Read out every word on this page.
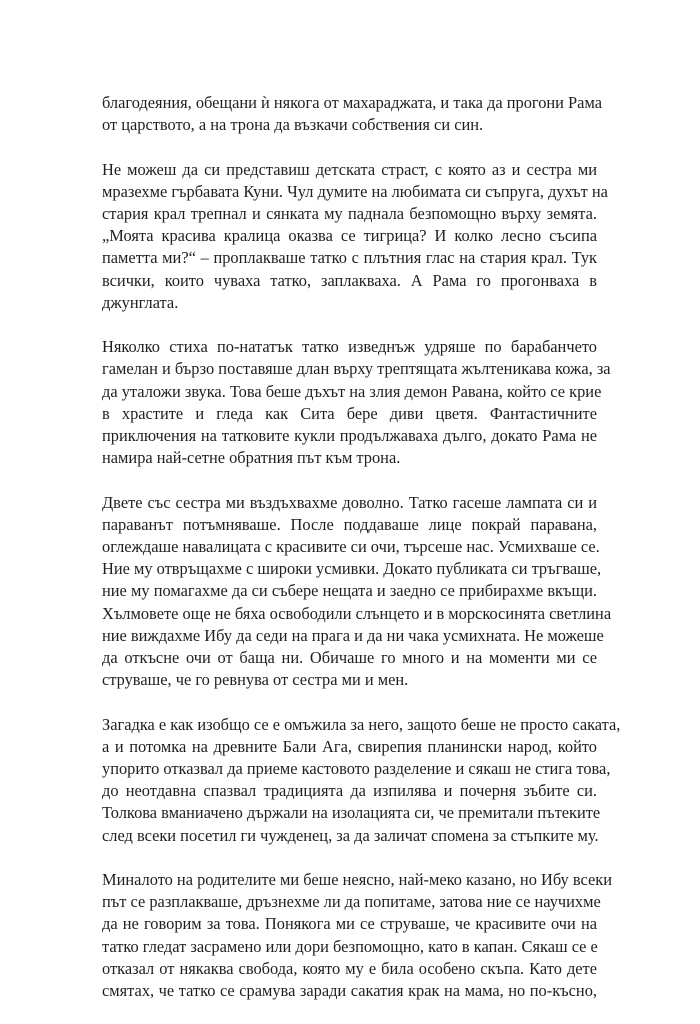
благодеяния, обещани ѝ някога от махараджата, и така да прогони Рама
от царството, а на трона да възкачи собствения си син.

Не можеш да си представиш детската страст, с която аз и сестра ми
мразехме гърбавата Куни. Чул думите на любимата си съпруга, духът на
стария крал трепнал и сянката му паднала безпомощно върху земята.
„Моята красива кралица оказва се тигрица? И колко лесно съсипа
паметта ми?“ – проплакваше татко с плътния глас на стария крал. Тук
всички, които чуваха татко, заплакваха. А Рама го прогонваха в
джунглата.

Няколко стиха по-нататък татко изведнъж удряше по барабанчето
гамелан и бързо поставяше длан върху трептящата жълтеникава кожа, за
да уталожи звука. Това беше дъхът на злия демон Равана, който се крие
в храстите и гледа как Сита бере диви цветя. Фантастичните
приключения на татковите кукли продължаваха дълго, докато Рама не
намира най-сетне обратния път към трона.

Двете със сестра ми въздъхвахме доволно. Татко гасеше лампата си и
паравaнът потъмняваше. После поддаваше лице покрай паравана,
оглеждаше навалицата с красивите си очи, търсеше нас. Усмихваше се.
Ние му отвръщахме с широки усмивки. Докато публиката си тръгваше,
ние му помагахме да си събере нещата и заедно се прибирахме вкъщи.
Хълмовете още не бяха освободили слънцето и в морскосинята светлина
ние виждахме Ибу да седи на прага и да ни чака усмихната. Не можеше
да откъсне очи от баща ни. Обичаше го много и на моменти ми се
струваше, че го ревнува от сестра ми и мен.

Загадка е как изобщо се е омъжила за него, защото беше не просто саката,
а и потомка на древните Бали Ага, свирепия планински народ, който
упорито отказвал да приеме кастовото разделение и сякаш не стига това,
до неотдавна спазвал традицията да изпилява и почерня зъбите си.
Толкова вманиачено държали на изолацията си, че премитали пътеките
след всеки посетил ги чужденец, за да заличат спомена за стъпките му.

Миналото на родителите ми беше неясно, най-меко казано, но Ибу всеки
път се разплакваше, дръзнехме ли да попитаме, затова ние се научихме
да не говорим за това. Понякога ми се струваше, че красивите очи на
татко гледат засрамено или дори безпомощно, като в капан. Сякаш се е
отказал от някаква свобода, която му е била особено скъпа. Като дете
смятах, че татко се срамува заради сакатия крак на мама, но по-късно,
